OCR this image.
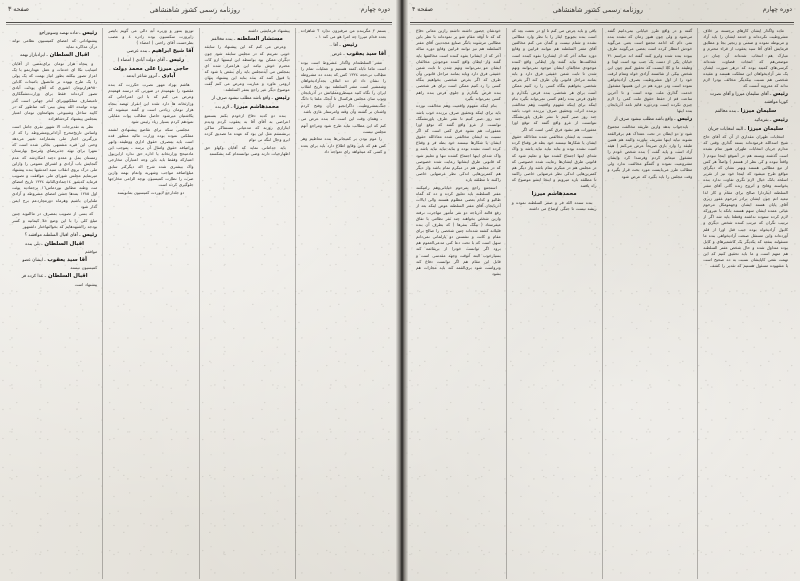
صفحه ۴	روزنامه رسمی کشور شاهنشاهی	دوره چهارم

ماده واگذار ایشان کارهای برجسته بر خلاف مشروطیت نکرده‌اند و خدمه ایشان را باید آزاد و مربوطه نموده و ضمنی و زنجیر بجا و مطابق فرمایش آقای آقا سید یعقوب از قراء محترم و مبارک هم انتخاب شده‌اند آن چنان در موضعی‌هم که انتخاب قضاوت شده‌اند کرسی‌های کمیته بوده که درهر صورت ایشان یک نفر آزادیخواهان این مملکت هستند و عقیده شخصی هم نسبت بیکدیگر مخالف بودرا لازم نداند که معروبه آنست که

رئیس ـ آقای سلیمان میرزا و آقای نصرت کوربا موافقند
سلیمان میرزا ـ بنده مخالفم
رئیس ـ بفرمائید
سلیمان میرزا ـ البته انتخابات جریان

انتخابات طهران مقداری از آن که آقای حاج شیخ اسدالله فرموده‌اند بسته گذاری وقتی که مدارم جریان انتخابات طهران هنوز تمام نشده است گذشته ویسته هم در آنموقع اینجا نبودم ( واقعاً نبوده و کی نظر از هستم ) واصلاً هر کس از تبع مطالبی هستند وبهتر نشان که دیگرای مواقع طرح میشود که اینجا خود نیز از تقریر اسلحه بانک خیال لازم نگری تفاوت ندارد بنده بخواسته وفاتح و اتروج زنده گانی آقای مفتر السلطنه ایثاردارا صالح برای مقام و کار لذا تبعید اتم چون ایشان برادر مرحوم غفور زیری آقای پایان هسته ایشان وجهمومکل مرحوم غیاثی عمده ایشان سهم هستند بانکه با عبرورکه لازم کرده ستوده نداشته وقطعا باید شد اگر از ترتیب نگران که مرتب کننده شخص دیگری و کابول آزادیخواه بوده جیب قتل اورا از قلم آورده‌اند واین مستقل صنعت آزادیخواهی بنده ما مسئولند بنفعه که یکدیگر یک کاشمیرهای و کابل بوده متداول شده و حال شخص مفتر السلطنه هم متهم است و ما باید تحقیق کنیم که این تهمت نفعی کاپایشان نسبت به ده صحیح است یا مشهوده مسئول هستیم که تقدیر را کشف

گفته و در واقع طرز خیابانی نمی‌دانیم گفته می‌شود و ولی چون هنوز زمان که نشده بنده نمی دام که ادامه مجمع است بعنی می‌گوید خودش انتظار کرده است بعضی می‌گویند طرف ببوده بنده شده وابرو کنند گفته اند مراسم ۳۱ خیابان یکی از دست یک جنب بود است لهذا و وظیفه ما و کلا اینست که تحقیق کنیم چون این شخص بیکی از شائسته آزادی خواه وتمام لرفت خود را از اول مشروطیت بصرف آزادیخواهی نموده است ودر دوره هم در این همینها مشغول خدمت گذاری ملت بوده است و تا آخرین ساعت قم از حفظ حقوق ملت کمی را لازم چیزی نکرده است ودردوره قائم نامه آذربایجان بنده اینها

رئیس ـ واقع باشد مطلب نبشود صرف از

بایدجواب بدهد وازین طریقه مخالفت مجموع شود و دو ایطان در تحت عمداک هم برقرالقعه نشوند نیاید اینها تشریف بیاورند والبته هم همین طبقه را وارد بازی صریحاً عرض می‌کنم ( هیئه آزاد است و پایه گفت ) بنده شخص خودم را مشغول میعاتم کردم وفرمندا کرد وایشان مشروعیت نموده و گفتگو مخالفت ندارد ولی مطالب طرز می‌بایست مورد بحث قرار بگیرد و وقت مجلس را باید بگیرد که عرض شود

باقی و باید عرض می کنم تا او در نعمت بعد که است بنده بجویوج ایثار را با نظر وارد مطالبی نشده و شنام نیست و گمان می کنم مخالفین آقای مفتر السلطنه هم نتوانند قرابین و وقایع دوره ساله آخر که از ایشان‌را نفوه کننده است مخالفت‌ها نباید گفته واز ایطانی واقع کننده موجودی مخالفان ایشان موجود نمی‌توانند وتهم شدن تا تابت شمن خفیفی فرق دارد و بابه بمانند مراحل قانونی وآن طرف کند اگر بغرض شخصی بخواهیم بنگاه کسی را رد کنیم ممکن است برای هر شخصی بنده فرض بگذارم و جلوی فرض بنده راهم کسی نمی‌تواند بگیرد بنام اینکه برای اینکه مفهوم واقعیت وهم مخالفت بزننده اثرات وتحقیق صرف برزنده خوب باشد جند روز صبر کنیم تا نشر طرف یاورنشنگک نتوانست از غرو واقع گفته که توقع اوزا معفورات هم نشود فرق کمی است که اگر

نسبت به ایشان مخالفتی شده معاذالله حقوق ایشان یا شکارها نیستند خود بطه فر وقتاع کرده است نشده بوده و بنابه نباید نباید باشد و واک شدای اینها اجتماع کشده تنها و تعلیم شود که قانونی طرق ایشان‌ها رعایت شده خصوصی که در مجلس هم در مبکرم تمام باشد واز دیگر هم کمترین‌هایی اندکی نظر غرضهایی خاصی راکنند تا مطلقه بازه میرویم و اینجا ایشو موضوع که راه یافتند

محمدهاشم میرزا

بنده سنده الله فر و صفر السلطنه نموده و ریشه نیست تا جنگی اوضاع می داشته

خودشان حضور داشته داشته رازین معانی دفاع که که تا آوقد مقام شو پر نموده‌اند با نظر باین مطالبی مرشوند بانگر صنایع مجددبین آقای مفتر السلطنه هم نیز توانند قرابین وقایع دوره ساله آخر که از ایشانرا نفوه کننده است مخالفتها باید گفته واز ایطان واقع کننده موجودین مخالفان ایشان مو نمی‌توانند وتهم شدن تا تابت شمن خفیفی فرق دارد وبابه بمانند مراحل قانونی وآن طرف که اگر بغرض شخصی بخواهیم بنگاه کسی را رد کنیم ممکن است برای هر شخصی بنده فرض بگذارم و جلوی فرض بنده راهم کسی نمی‌تواند بگیرد

بنام اینکه مفهوم واقعیت وهم مخالفت نوزده باید برای اینکه وتحقیق صرف برزنده خوب باشد جند روز صبر کنیم تا نشر طرف یاورنشنگک توانست از غرو واقع گفته که توقع اوزا معفورات هم نشود فرق کمی است که اگر نسبت به ایشان مخالفتی شده معاذالله حقوق ایشان یا شکارها نیستند خود بطه فر و وقتاع کرده است نشده بوده و بنابه نباید نباید باشد و واک شدای اینها اجتماع کشده تنها و تعلیم شود که قانونی طرق ایشانها رعایت شده خصوصی که در مجلس هم در مبکرم تمام باشد واز دیگر هم کمترین‌هایی اندکی نظر غرضهایی خاصی راکنند تا مطلقه بازه

استجمع راجع بمرحوم خیابانی‌وهم رامیکنند مفتر السلطنه باید تعلیق کرده و ده که گماه طالبو و کدام بعضی مظلوم هستند والی ایالات آذربایجان آقای مفتر السلطنه عوض اینکه بعد از رفع فالته آذرباجه دو نفر مأمور مهاجرت نرفته وازین شخص بخواهند چند نفر نظامی با تفاق میفرستاد ( بیگک بنفرها ) که بطرف آن بنده فلیلانه کشته شده‌اند چنین شخصی را صالح برای مقام و کانت و نشستن دو پارلمانی نمی‌دانم سهل است که با تحت دعا کنی مدعی‌العموم هم برود اگر توانست خودرا از بریقائمه کند بسیارخوب البته آنوقت وجهه مقدسی است و قابل این مقام هم اگر توانست دفاع کند وترواست شود بری‌القمه کند باید مجازات هم بشود

صفحه ۳	روزنامه رسمی کشور شاهنشاهی	دوره چهارم

بستم ٢ مگربنده من مرفیزون ندارد ؟ شاهزاده بعده فدام میرزا چه امرا هو می کند ١ ـ

رئیس ـ آقا ..
آقا سید یعقوب ـ عرض

مفتر السلطنه‌ام واگذار مشروط است بوده است ماما تاباه کمته هستیم و عملیات تمام را مطالب نی‌حجه ١٣٢٤ کس که بعده ده مشروطه را نشان داد ام ده انتلاف بجدآزادیخواهان وشمشیر است مفتر السلطنه بود تاریخ انقلاب ایران را نگاه کنید میبنظروعملیاتش در آذربایجان وتوپ سان مجلس هرکسال تا آنجک ملما با دانگ جنگ‌بمشروطیت داگرانجبو ازآن وفتح کردم واشنان بر گشته وآن وقته وامرستار غازی باشد

ـ وهمان وقت این است که بنده عرض می کنم که این مطالب نباید طرح شود ومراجع آنهم مجلس نیست

را موم بودن بر کمیجانی‌ها بنده معاظیم وهر کس هم که باین وقایع اطلاع دارد باید برای بعده و کسی که میخواهد رای تعواجه داد

پیشنهاد فرمایشی داشته

مستشار السلطنه ـ بنده مخالفم

وعرض می کنم که این پیشنهاد را سابقه خوبی تمریتم که در مجلس سابقه شود چون دیگران ممکن بود بواسطه این لیستها ازو کات محترم خوش نیامد این هراعتراز شده ای بمجلس می آیدمجلس باید رأی بنقض یا شود که یا قبول کنند که بنده بنابه این پیشنهاد پنهان ارومی عاورد و عباریت وعرض می کنم گفت موضوع دیگر غیر راجع بمفر السلطنه

رئیس ـ واقع باشد مطلب نبشود صرف از
محمدهاشم میرزا ـ لازم بده

بنده دو کدبه دفاع ازخودم بکنم بتسمیع اعراضی به آقای آقا به یعقوب کردم ودیدم ایثارازی روزنه که مدعیانی مستماکر ساکن برنشستم مثل این بود که عهده ما تصدیق کرده ایرو وحال لنگه نی توام

باید جدامانی نماید که آقایان وکهاو حق اظهارحیات دارند وضی توانسته‌ام کند بشکسته

توزیع بنتور و وزیره آبه دالی می گویم بانضر زاپروزت سکسیون بوده زادره ٤ و عضب بطرحست آقای راحتی ( امضاء )

آقا شیخ ابراهیم ـ بنده عرضی
رئیس ـ آقای دولت آبادی ( امضاء )
حاجی میرزا علی محمد دولت آبادی ـ آنروز شاعر ابدمه

هاشم بهزاد مهور نصرت حکرزت که بنده مقصود را نفهمیدم در صورتی که درسند فهمیدم وعرض می کنم که با این اعتراحاتی که وزارتخانه ها دارد شده این انقراز نهضه بنجاه هزار تومان زیادتی است و گفته میشوند که یکاشتیان میرشود حاصل مطالب پوات مقابلی نمودهم کردم بسیار زیاد رئیس شود

مجلسی سکه برای تقاضع پیشنهادی لشمه مملکتی نموده بوده وزارت مالیه منظور قده است باید بمصرف حقوق اداری ووظیفه وانهر وراضافه حقوق وامثال آن برسد ـ بموجب این مادمیحج وزارتخانه یا اداره حق ندارد ازاین‌پول اعتبارکه وفقط باید باین وجه اعتبارآن مخارجی واک بیشتری شده شرح اله دیگرکثر سابق مبلغ‌اضافه مواجب وشهریه وانعام بهمه وازین ضرت را نظارت کمیسیون بوجه الزامی مخارجها جلوگیری کرده است

دو جلدارجع لاپوردت کمیسیون بمانویسه
رئیس ـ ماده نهصد وسوم‌راجع

پیشنهاداتی که اعضای کمیسیون نظامی تواند درآن مذاکره نماید

اقبال السلطان ـ ایرادبازار نهمه

و پنجاه هزار تومان برای‌بعضی از آقایان امینایب نکا ای خدمات و عمل عهدارنمو با یک اعزاز تصور ببکلته بطور انیاز بهمت که یک پولی را یک طرح نهوده بر مانصول بامبدات کاباین ٩٥٠هزارتومان اشوری که آقای پودلت آبادی تصور کرده‌اند فقط برای وزارت‌تشنگکاری تامبصارف مملکتهویرای آنخر جهانی است گذر بوده تواننده الله پیش بینی کند مناطور که در کاپیه ساخل وشبیوخی بجهامعاون تومان اعتبار بمجلس پیشنهاد کردشاهزاده

نظر به تقدیرجات الا شهور نفری جامل است واساس تاریخ‌محرج آزادانی‌ومشروطه را که از بزرگترین اجبار ملی بشمارامد تغییر می‌دهد وحتی این قبره مشتبهی بجائی شده است که نمهرا برای تهیه جذبریضای ومرسخ بهارستان زمستان بمل و معدو دچند اصلان‌شد که عدم گنجایش باب آزادی و اشتراق عمومی را وازاین ملی درک بروی انقلاب سیه امدنقیها بنده پیشنهاد میرنمایم مجلس شورای ملی موافقت و تصویب فرماید که‌بموز ١٤جمادی‌الثانیه ١٣٢٤ تاریخ امضای مث وطنه مطابق بوردماس١٦ برجمادیه پوئت اول ١٢٨٥ بمدها جشن امضای مشروطه و آزادی ملتایران باشیم وهرماه دورمچاردعم برج ایمن گذار شود

که بسی از تصویب بمصرف در ماالنویه چنین مبلغ کلی را با این وضع خلا کیمانیه و کسر بودجه رااشبهدهایم که بخوالتهاختار داشتهور

رئیس ـ آقای اقبال السلطنه موافقند ؟
اقبال السلطان ـ بلی بنده

موافقم

آقا سید یعقوب ـ ایشان عضو

کمیسیون نیسته

اقبال السلطان ـ عذا کرده فر

پیشنهاد است
